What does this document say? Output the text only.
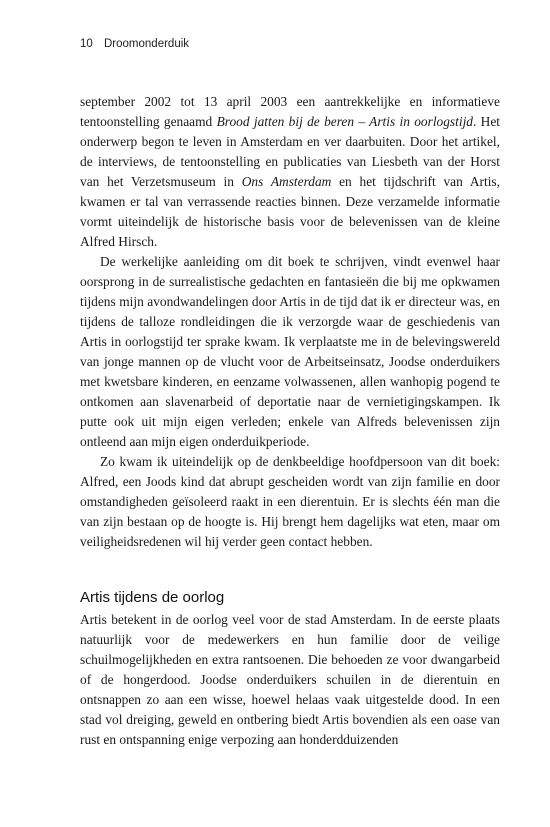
10 Droomonderduik

september 2002 tot 13 april 2003 een aantrekkelijke en informatieve tentoonstelling genaamd Brood jatten bij de beren – Artis in oorlogstijd. Het onderwerp begon te leven in Amsterdam en ver daarbuiten. Door het artikel, de interviews, de tentoonstelling en publicaties van Liesbeth van der Horst van het Verzetsmuseum in Ons Amsterdam en het tijdschrift van Artis, kwamen er tal van verrassende reacties binnen. Deze verzamelde informatie vormt uiteindelijk de historische basis voor de belevenissen van de kleine Alfred Hirsch.

De werkelijke aanleiding om dit boek te schrijven, vindt evenwel haar oorsprong in de surrealistische gedachten en fantasieën die bij me opkwamen tijdens mijn avondwandelingen door Artis in de tijd dat ik er directeur was, en tijdens de talloze rondleidingen die ik verzorgde waar de geschiedenis van Artis in oorlogstijd ter sprake kwam. Ik verplaatste me in de belevingswereld van jonge mannen op de vlucht voor de Arbeitseinsatz, Joodse onderduikers met kwetsbare kinderen, en eenzame volwassenen, allen wanhopig pogend te ontkomen aan slavenarbeid of deportatie naar de vernietigingskampen. Ik putte ook uit mijn eigen verleden; enkele van Alfreds belevenissen zijn ontleend aan mijn eigen onderduikperiode.

Zo kwam ik uiteindelijk op de denkbeeldige hoofdpersoon van dit boek: Alfred, een Joods kind dat abrupt gescheiden wordt van zijn familie en door omstandigheden geïsoleerd raakt in een dierentuin. Er is slechts één man die van zijn bestaan op de hoogte is. Hij brengt hem dagelijks wat eten, maar om veiligheidsredenen wil hij verder geen contact hebben.

Artis tijdens de oorlog

Artis betekent in de oorlog veel voor de stad Amsterdam. In de eerste plaats natuurlijk voor de medewerkers en hun familie door de veilige schuilmogelijkheden en extra rantsoenen. Die behoeden ze voor dwangarbeid of de hongerdood. Joodse onderduikers schuilen in de dierentuin en ontsnappen zo aan een wisse, hoewel helaas vaak uitgestelde dood. In een stad vol dreiging, geweld en ontbering biedt Artis bovendien als een oase van rust en ontspanning enige verpozing aan honderdduizenden
